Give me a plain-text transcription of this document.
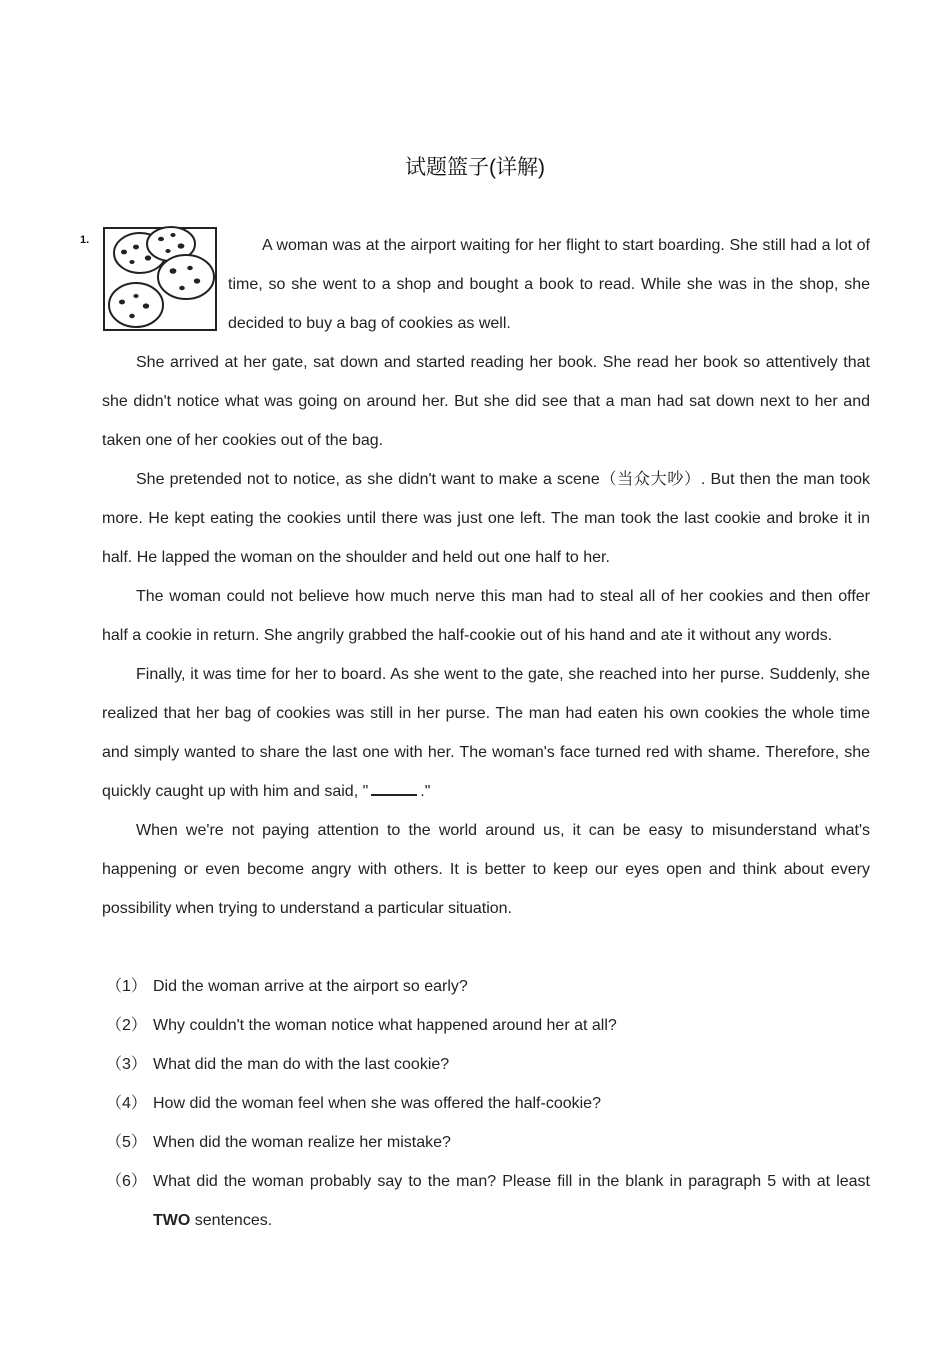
试题篮子(详解)
1.	A woman was at the airport waiting for her flight to start boarding. She still had a lot of time, so she went to a shop and bought a book to read. While she was in the shop, she decided to buy a bag of cookies as well.

She arrived at her gate, sat down and started reading her book. She read her book so attentively that she didn't notice what was going on around her. But she did see that a man had sat down next to her and taken one of her cookies out of the bag.

She pretended not to notice, as she didn't want to make a scene（当众大吵）. But then the man took more. He kept eating the cookies until there was just one left. The man took the last cookie and broke it in half. He lapped the woman on the shoulder and held out one half to her.

The woman could not believe how much nerve this man had to steal all of her cookies and then offer half a cookie in return. She angrily grabbed the half-cookie out of his hand and ate it without any words.

Finally, it was time for her to board. As she went to the gate, she reached into her purse. Suddenly, she realized that her bag of cookies was still in her purse. The man had eaten his own cookies the whole time and simply wanted to share the last one with her. The woman's face turned red with shame. Therefore, she quickly caught up with him and said, "	."

When we're not paying attention to the world around us, it can be easy to misunderstand what's happening or even become angry with others. It is better to keep our eyes open and think about every possibility when trying to understand a particular situation.

（1） Did the woman arrive at the airport so early?
（2） Why couldn't the woman notice what happened around her at all?
（3） What did the man do with the last cookie?
（4） How did the woman feel when she was offered the half-cookie?
（5） When did the woman realize her mistake?
（6） What did the woman probably say to the man? Please fill in the blank in paragraph 5 with at least TWO sentences.
